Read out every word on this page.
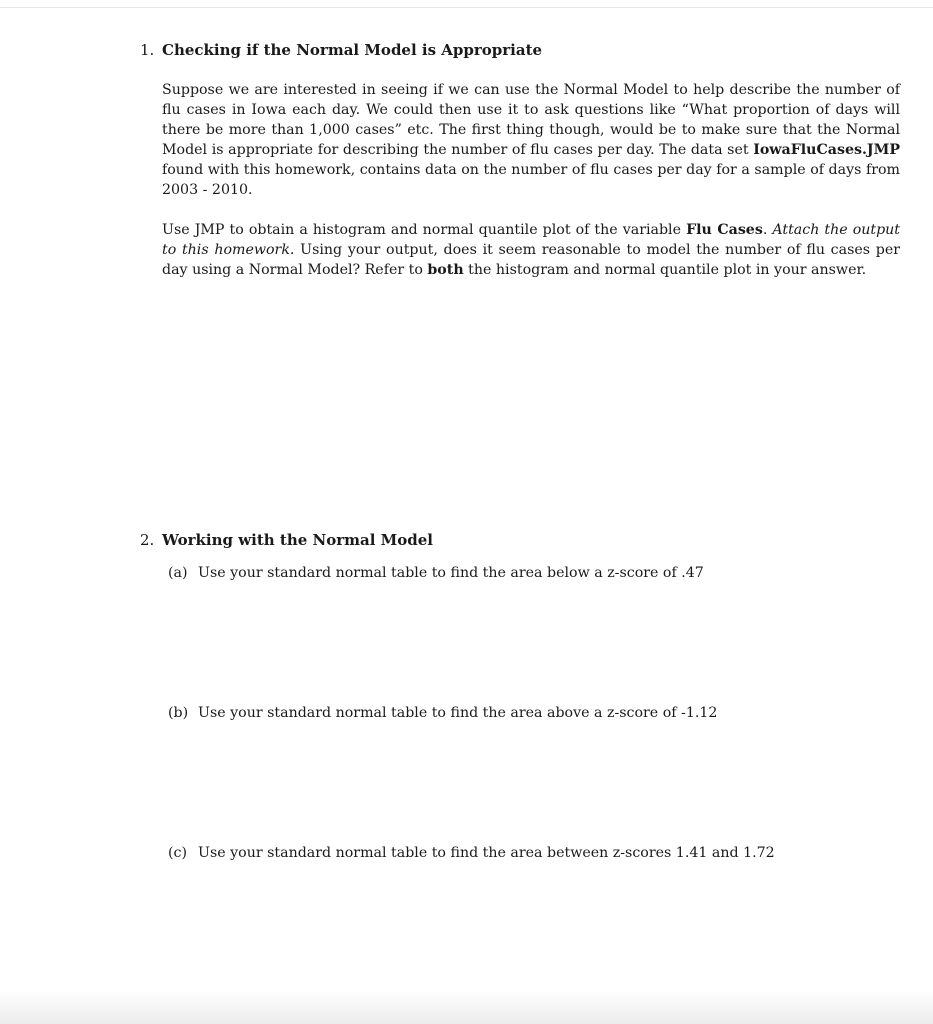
1. Checking if the Normal Model is Appropriate

Suppose we are interested in seeing if we can use the Normal Model to help describe the number of flu cases in Iowa each day. We could then use it to ask questions like “What proportion of days will there be more than 1,000 cases” etc. The first thing though, would be to make sure that the Normal Model is appropriate for describing the number of flu cases per day. The data set IowaFluCases.JMP found with this homework, contains data on the number of flu cases per day for a sample of days from 2003 - 2010.

Use JMP to obtain a histogram and normal quantile plot of the variable Flu Cases. Attach the output to this homework. Using your output, does it seem reasonable to model the number of flu cases per day using a Normal Model? Refer to both the histogram and normal quantile plot in your answer.

2. Working with the Normal Model

(a) Use your standard normal table to find the area below a z-score of .47

(b) Use your standard normal table to find the area above a z-score of -1.12

(c) Use your standard normal table to find the area between z-scores 1.41 and 1.72
